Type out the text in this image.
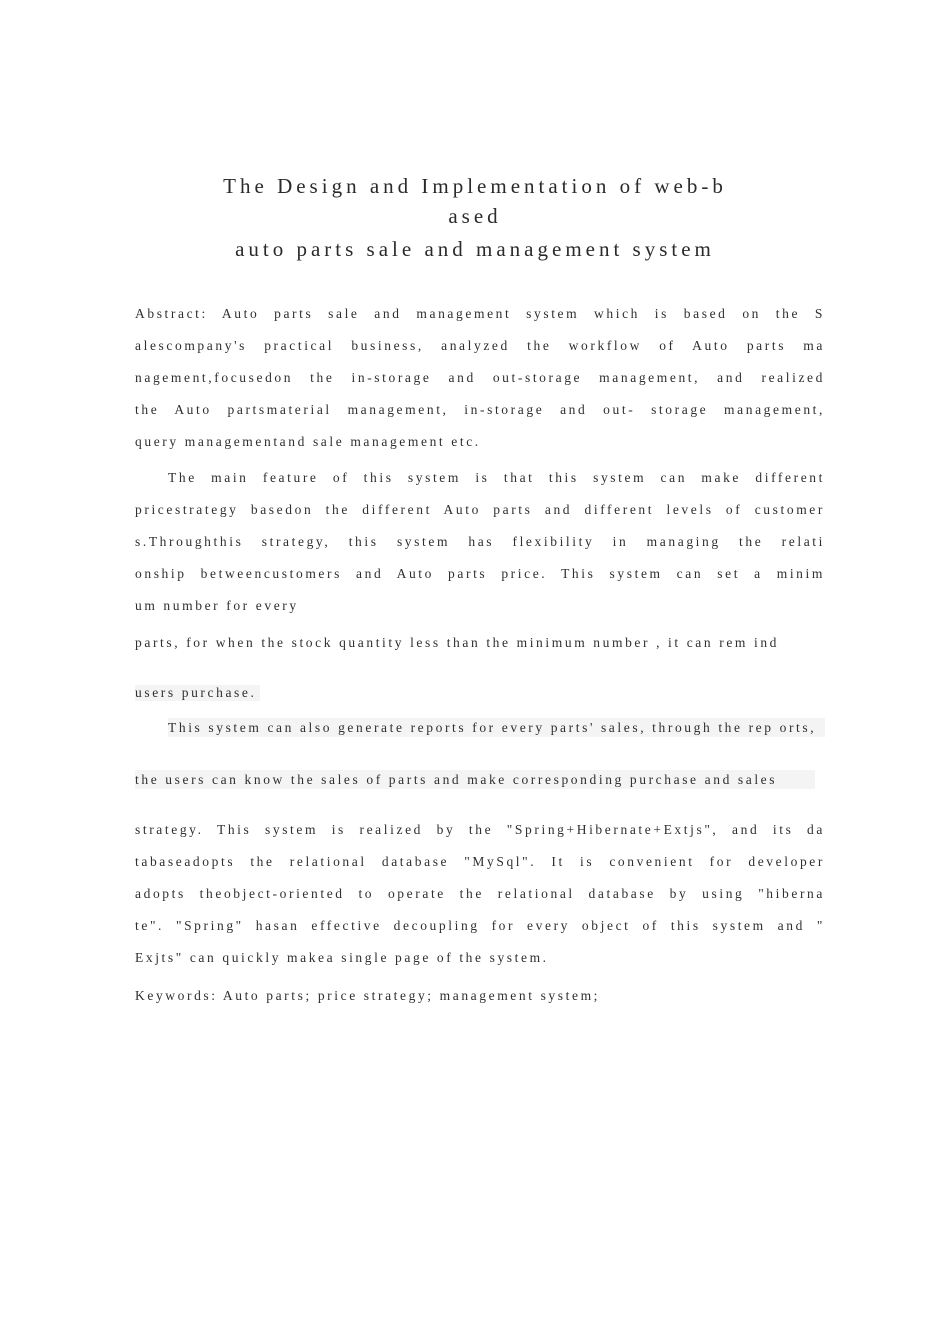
The Design and Implementation of web-b
ased
auto parts sale and management system
Abstract: Auto parts sale and management system which is based on the S
alescompany's practical business, analyzed the workflow of Auto parts ma
nagement,focusedon the in-storage and out-storage management, and realized
the Auto partsmaterial management, in-storage and out- storage management,
query managementand sale management etc.
The main feature of this system is that this system can make different
pricestrategy basedon the different Auto parts and different levels of customer
s.Throughthis strategy, this system has flexibility in managing the relati
onship betweencustomers and Auto parts price. This system can set a minim
um number for every
parts, for when the stock quantity less than the minimum number , it can rem ind
users purchase.
This system can also generate reports for every parts' sales, through the rep orts,
the users can know the sales of parts and make corresponding purchase and sales
strategy. This system is realized by the "Spring+Hibernate+Extjs", and its da
tabaseadopts the relational database "MySql". It is convenient for developer
adopts theobject-oriented to operate the relational database by using "hiberna
te". "Spring" hasan effective decoupling for every object of this system and "
Exjts" can quickly makea single page of the system.
Keywords: Auto parts; price strategy; management system;
